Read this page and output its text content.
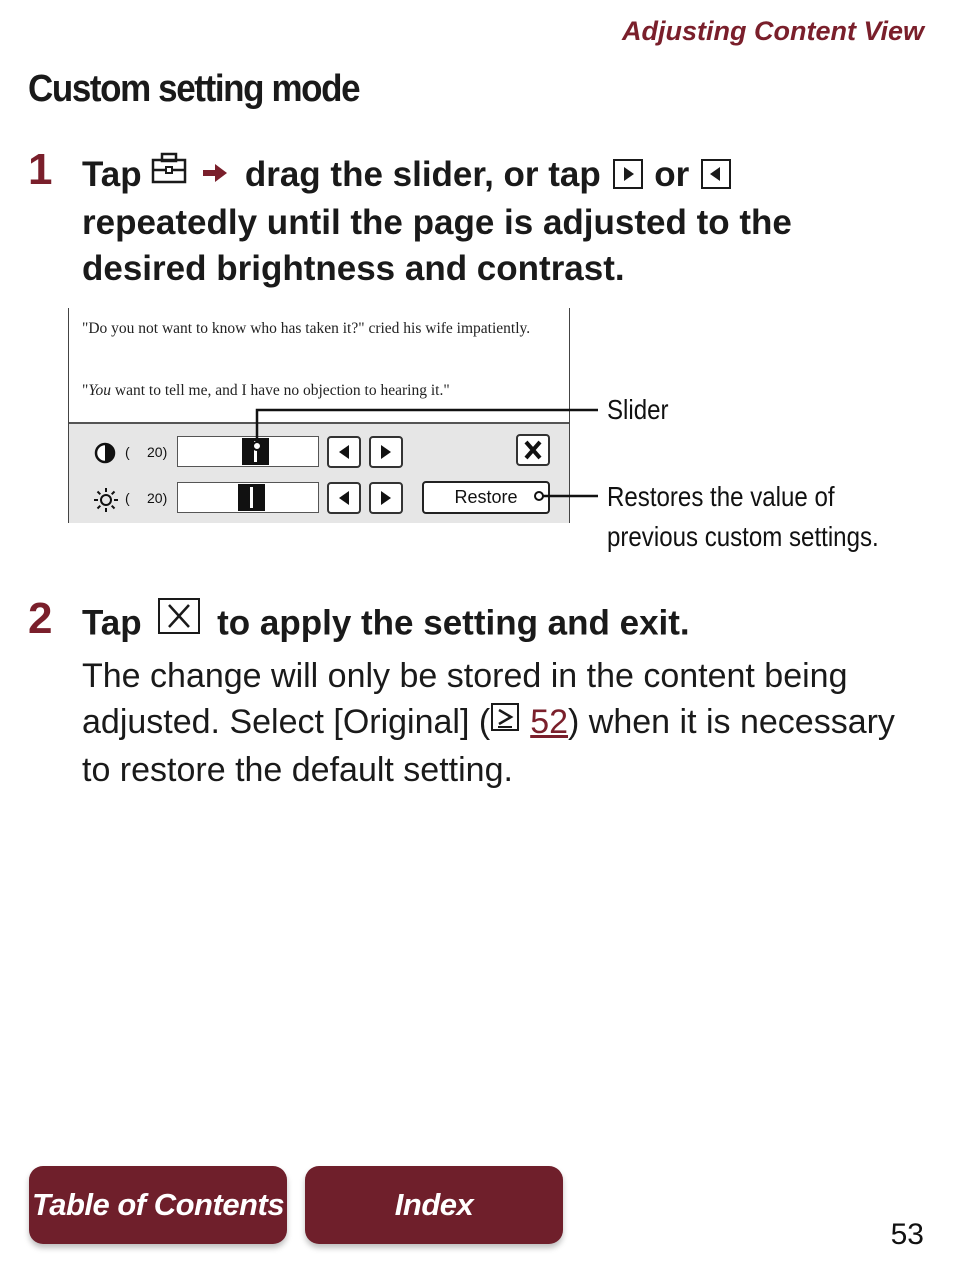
Adjusting Content View
Custom setting mode
1 Tap	drag the slider, or tap or
repeatedly until the page is adjusted to the
desired brightness and contrast.
"Do you not want to know who has taken it?" cried his wife impatiently.
"You want to tell me, and I have no objection to hearing it."
( 20)
( 20)	Restore
Slider
Restores the value of
previous custom settings.
2 Tap to apply the setting and exit.
The change will only be stored in the content being adjusted. Select [Original] ( 52) when it is necessary to restore the default setting.
Table of Contents	Index
53
